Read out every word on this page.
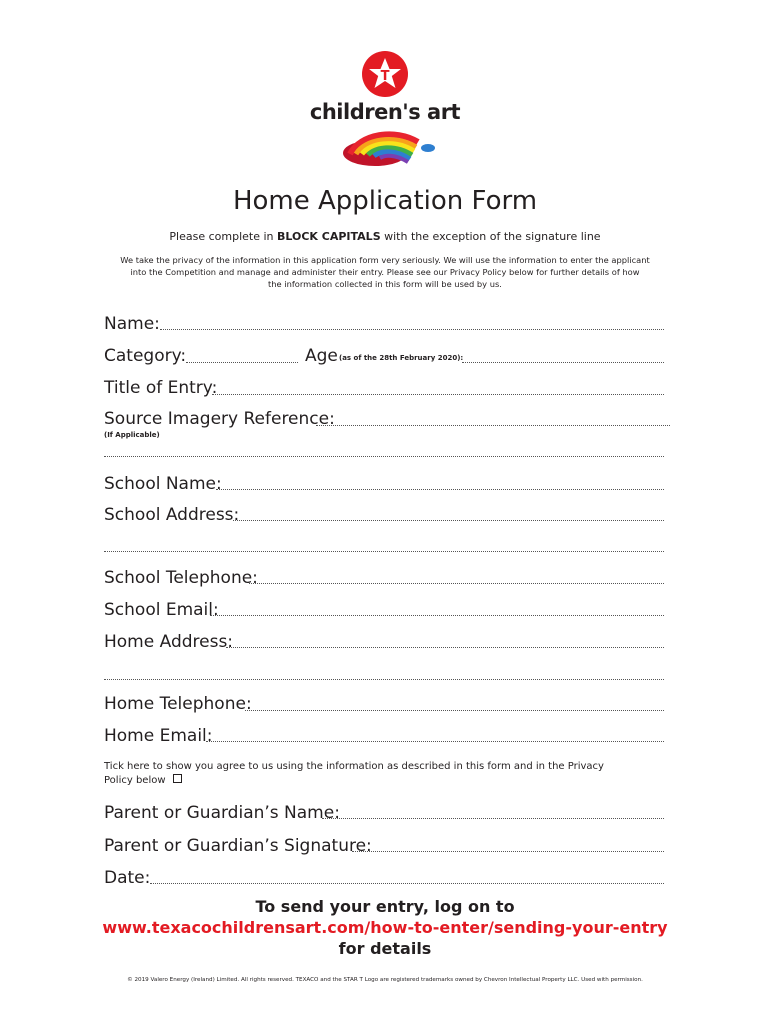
T
children's art
Home Application Form
Please complete in BLOCK CAPITALS with the exception of the signature line
We take the privacy of the information in this application form very seriously. We will use the information to enter the applicant
into the Competition and manage and administer their entry. Please see our Privacy Policy below for further details of how
the information collected in this form will be used by us.
Name:
Category:	Age (as of the 28th February 2020):
Title of Entry:
Source Imagery Reference:
(If Applicable)
School Name:
School Address:
School Telephone:
School Email:
Home Address:
Home Telephone:
Home Email:
Tick here to show you agree to us using the information as described in this form and in the Privacy
Policy below
Parent or Guardian’s Name:
Parent or Guardian’s Signature:
Date:
To send your entry, log on to
www.texacochildrensart.com/how-to-enter/sending-your-entry
for details
© 2019 Valero Energy (Ireland) Limited. All rights reserved. TEXACO and the STAR T Logo are registered trademarks owned by Chevron Intellectual Property LLC. Used with permission.
